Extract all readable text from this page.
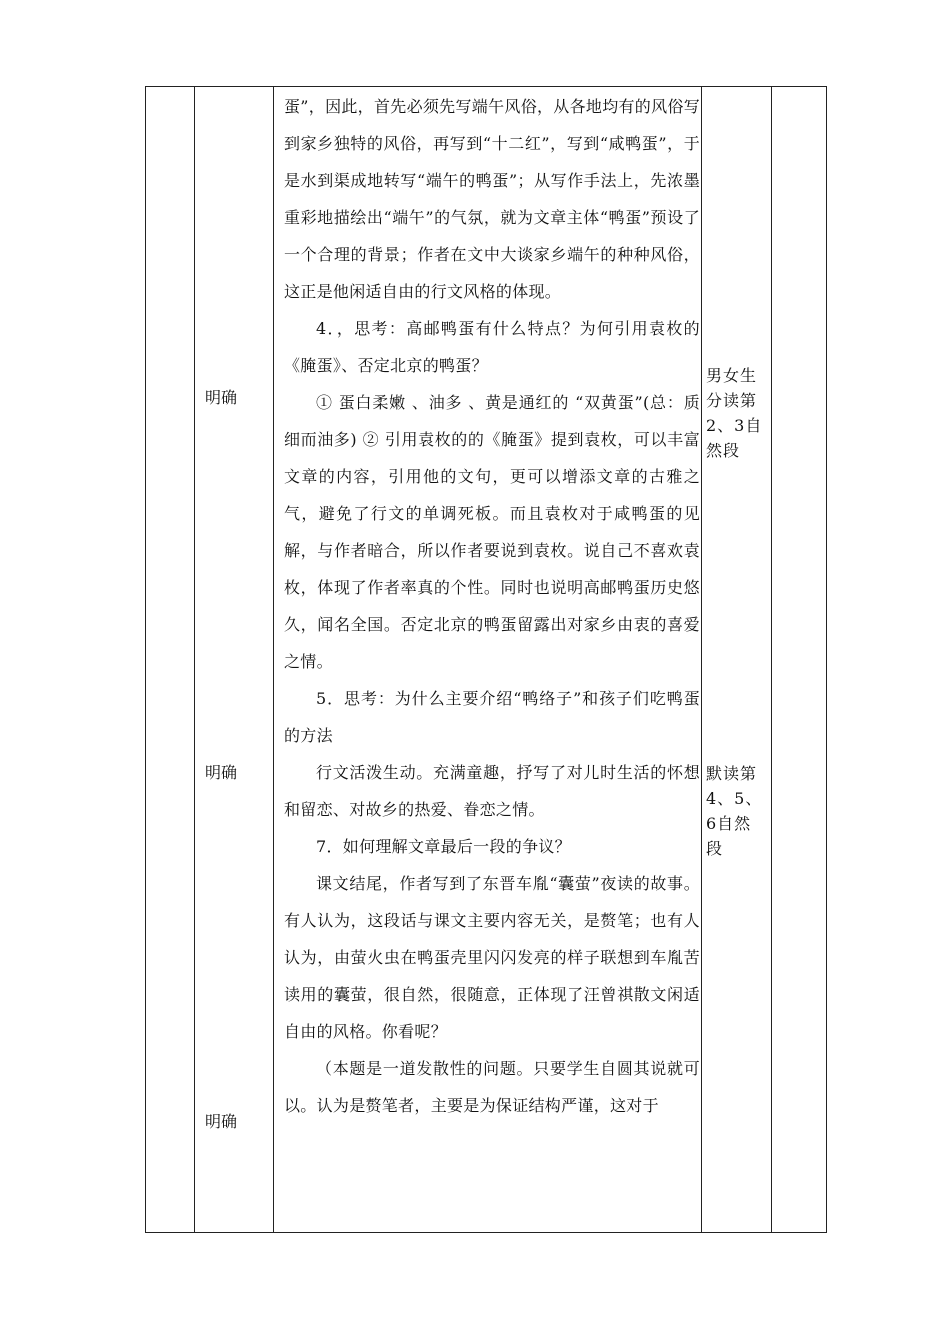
明确
明确
明确
男女生分读第2、3自然段
默读第4、5、6自然段

蛋”，因此，首先必须先写端午风俗，从各地均有的风俗写到家乡独特的风俗，再写到“十二红”，写到“咸鸭蛋”，于是水到渠成地转写“端午的鸭蛋”；从写作手法上，先浓墨重彩地描绘出“端午”的气氛，就为文章主体“鸭蛋”预设了一个合理的背景；作者在文中大谈家乡端午的种种风俗，这正是他闲适自由的行文风格的体现。

4．，思考：高邮鸭蛋有什么特点？为何引用袁枚的《腌蛋》、否定北京的鸭蛋？

① 蛋白柔嫩 、油多 、黄是通红的 “双黄蛋”(总：质细而油多) ② 引用袁枚的的《腌蛋》提到袁枚，可以丰富文章的内容，引用他的文句，更可以增添文章的古雅之气，避免了行文的单调死板。而且袁枚对于咸鸭蛋的见解，与作者暗合，所以作者要说到袁枚。说自己不喜欢袁枚，体现了作者率真的个性。同时也说明高邮鸭蛋历史悠久，闻名全国。否定北京的鸭蛋留露出对家乡由衷的喜爱之情。

5．思考：为什么主要介绍“鸭络子”和孩子们吃鸭蛋的方法

行文活泼生动。充满童趣，抒写了对儿时生活的怀想和留恋、对故乡的热爱、眷恋之情。

7．如何理解文章最后一段的争议？

课文结尾，作者写到了东晋车胤“囊萤”夜读的故事。有人认为，这段话与课文主要内容无关，是赘笔；也有人认为，由萤火虫在鸭蛋壳里闪闪发亮的样子联想到车胤苦读用的囊萤，很自然，很随意，正体现了汪曾祺散文闲适自由的风格。你看呢？

（本题是一道发散性的问题。只要学生自圆其说就可以。认为是赘笔者，主要是为保证结构严谨，这对于
